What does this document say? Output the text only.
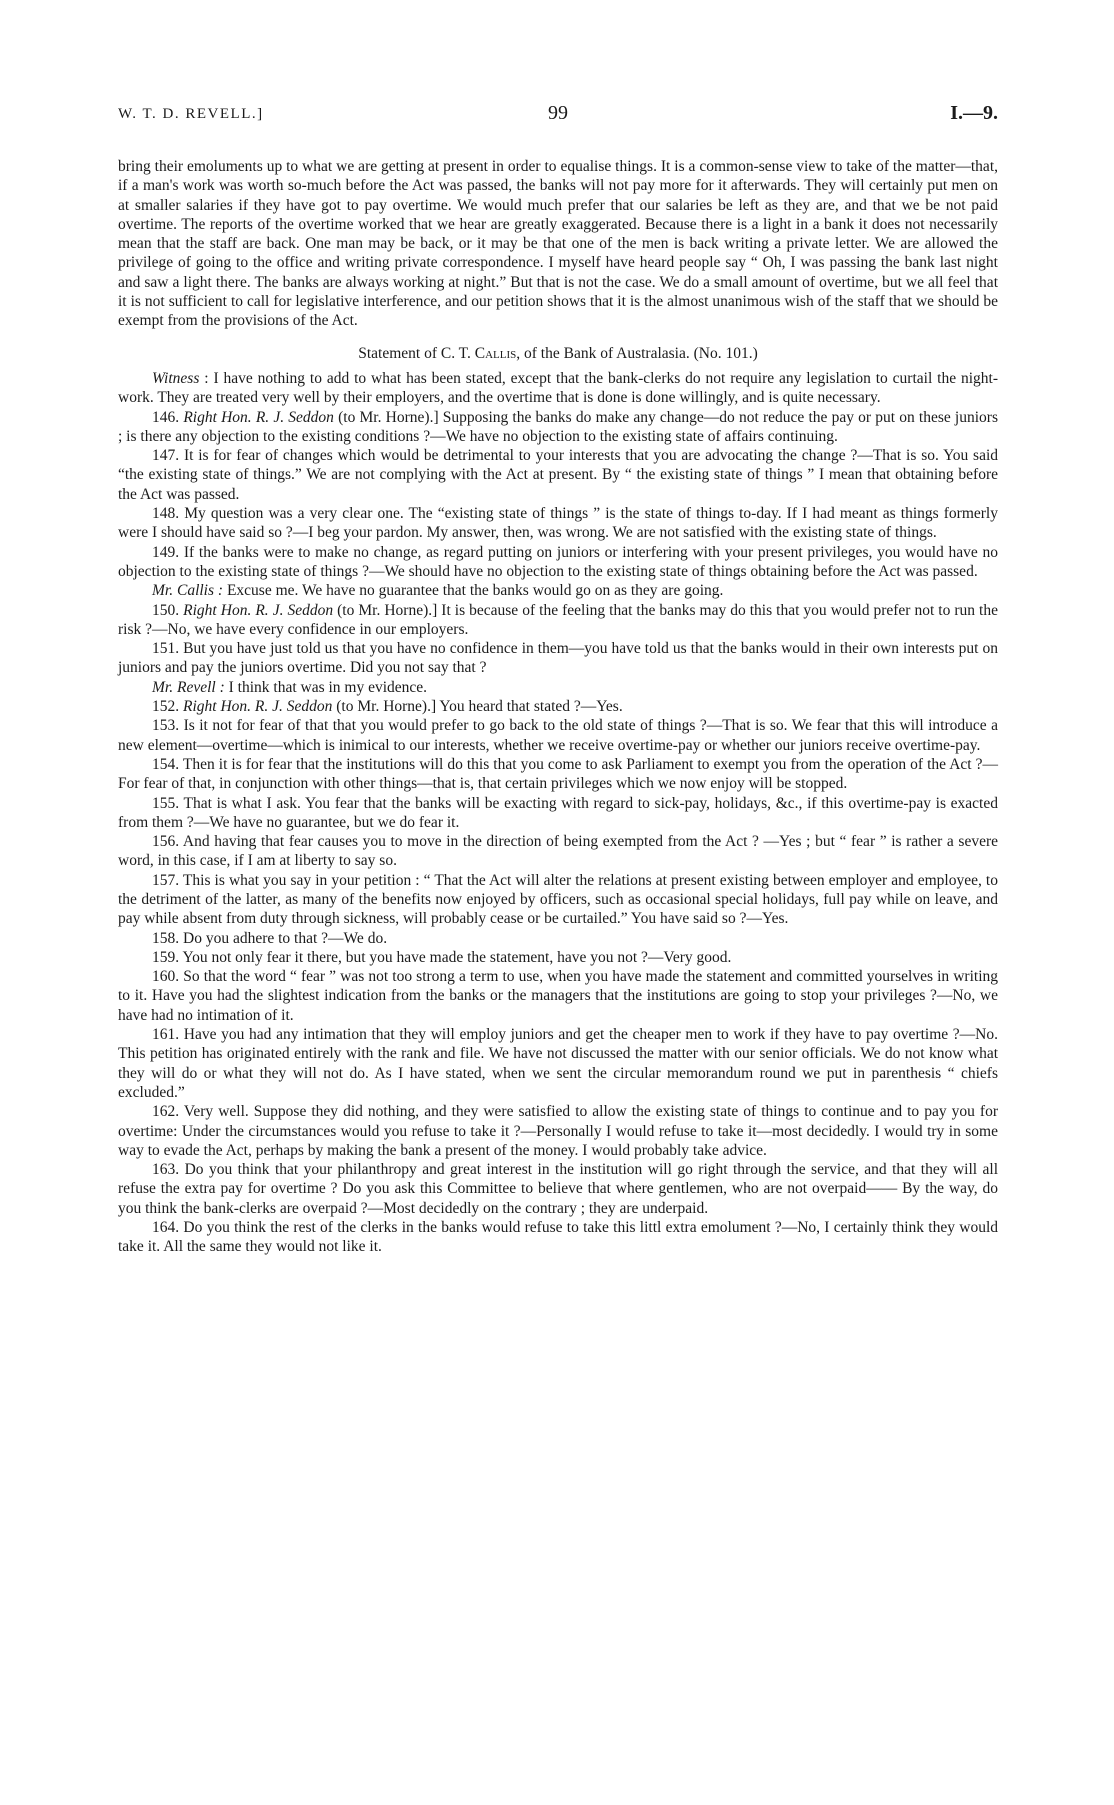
W. T. D. REVELL.]	99	I.—9.

bring their emoluments up to what we are getting at present in order to equalise things. It is a common-sense view to take of the matter—that, if a man's work was worth so-much before the Act was passed, the banks will not pay more for it afterwards. They will certainly put men on at smaller salaries if they have got to pay overtime. We would much prefer that our salaries be left as they are, and that we be not paid overtime. The reports of the overtime worked that we hear are greatly exaggerated. Because there is a light in a bank it does not necessarily mean that the staff are back. One man may be back, or it may be that one of the men is back writing a private letter. We are allowed the privilege of going to the office and writing private correspondence. I myself have heard people say “ Oh, I was passing the bank last night and saw a light there. The banks are always working at night.” But that is not the case. We do a small amount of overtime, but we all feel that it is not sufficient to call for legislative interference, and our petition shows that it is the almost unanimous wish of the staff that we should be exempt from the provisions of the Act.

Statement of C. T. Callis, of the Bank of Australasia. (No. 101.)

Witness : I have nothing to add to what has been stated, except that the bank-clerks do not require any legislation to curtail the night-work. They are treated very well by their employers, and the overtime that is done is done willingly, and is quite necessary.

146. Right Hon. R. J. Seddon (to Mr. Horne).] Supposing the banks do make any change—do not reduce the pay or put on these juniors ; is there any objection to the existing conditions ?—We have no objection to the existing state of affairs continuing.

147. It is for fear of changes which would be detrimental to your interests that you are advocating the change ?—That is so. You said “the existing state of things.” We are not complying with the Act at present. By “ the existing state of things ” I mean that obtaining before the Act was passed.

148. My question was a very clear one. The “existing state of things ” is the state of things to-day. If I had meant as things formerly were I should have said so ?—I beg your pardon. My answer, then, was wrong. We are not satisfied with the existing state of things.

149. If the banks were to make no change, as regard putting on juniors or interfering with your present privileges, you would have no objection to the existing state of things ?—We should have no objection to the existing state of things obtaining before the Act was passed.

Mr. Callis : Excuse me. We have no guarantee that the banks would go on as they are going.

150. Right Hon. R. J. Seddon (to Mr. Horne).] It is because of the feeling that the banks may do this that you would prefer not to run the risk ?—No, we have every confidence in our employers.

151. But you have just told us that you have no confidence in them—you have told us that the banks would in their own interests put on juniors and pay the juniors overtime. Did you not say that ?

Mr. Revell : I think that was in my evidence.

152. Right Hon. R. J. Seddon (to Mr. Horne).] You heard that stated ?—Yes.

153. Is it not for fear of that that you would prefer to go back to the old state of things ?—That is so. We fear that this will introduce a new element—overtime—which is inimical to our interests, whether we receive overtime-pay or whether our juniors receive overtime-pay.

154. Then it is for fear that the institutions will do this that you come to ask Parliament to exempt you from the operation of the Act ?—For fear of that, in conjunction with other things—that is, that certain privileges which we now enjoy will be stopped.

155. That is what I ask. You fear that the banks will be exacting with regard to sick-pay, holidays, &c., if this overtime-pay is exacted from them ?—We have no guarantee, but we do fear it.

156. And having that fear causes you to move in the direction of being exempted from the Act ? —Yes ; but “ fear ” is rather a severe word, in this case, if I am at liberty to say so.

157. This is what you say in your petition : “ That the Act will alter the relations at present existing between employer and employee, to the detriment of the latter, as many of the benefits now enjoyed by officers, such as occasional special holidays, full pay while on leave, and pay while absent from duty through sickness, will probably cease or be curtailed.” You have said so ?—Yes.

158. Do you adhere to that ?—We do.

159. You not only fear it there, but you have made the statement, have you not ?—Very good.

160. So that the word “ fear ” was not too strong a term to use, when you have made the statement and committed yourselves in writing to it. Have you had the slightest indication from the banks or the managers that the institutions are going to stop your privileges ?—No, we have had no intimation of it.

161. Have you had any intimation that they will employ juniors and get the cheaper men to work if they have to pay overtime ?—No. This petition has originated entirely with the rank and file. We have not discussed the matter with our senior officials. We do not know what they will do or what they will not do. As I have stated, when we sent the circular memorandum round we put in parenthesis “ chiefs excluded.”

162. Very well. Suppose they did nothing, and they were satisfied to allow the existing state of things to continue and to pay you for overtime: Under the circumstances would you refuse to take it ?—Personally I would refuse to take it—most decidedly. I would try in some way to evade the Act, perhaps by making the bank a present of the money. I would probably take advice.

163. Do you think that your philanthropy and great interest in the institution will go right through the service, and that they will all refuse the extra pay for overtime ? Do you ask this Committee to believe that where gentlemen, who are not overpaid—— By the way, do you think the bank-clerks are overpaid ?—Most decidedly on the contrary ; they are underpaid.

164. Do you think the rest of the clerks in the banks would refuse to take this littl extra emolument ?—No, I certainly think they would take it. All the same they would not like it.
